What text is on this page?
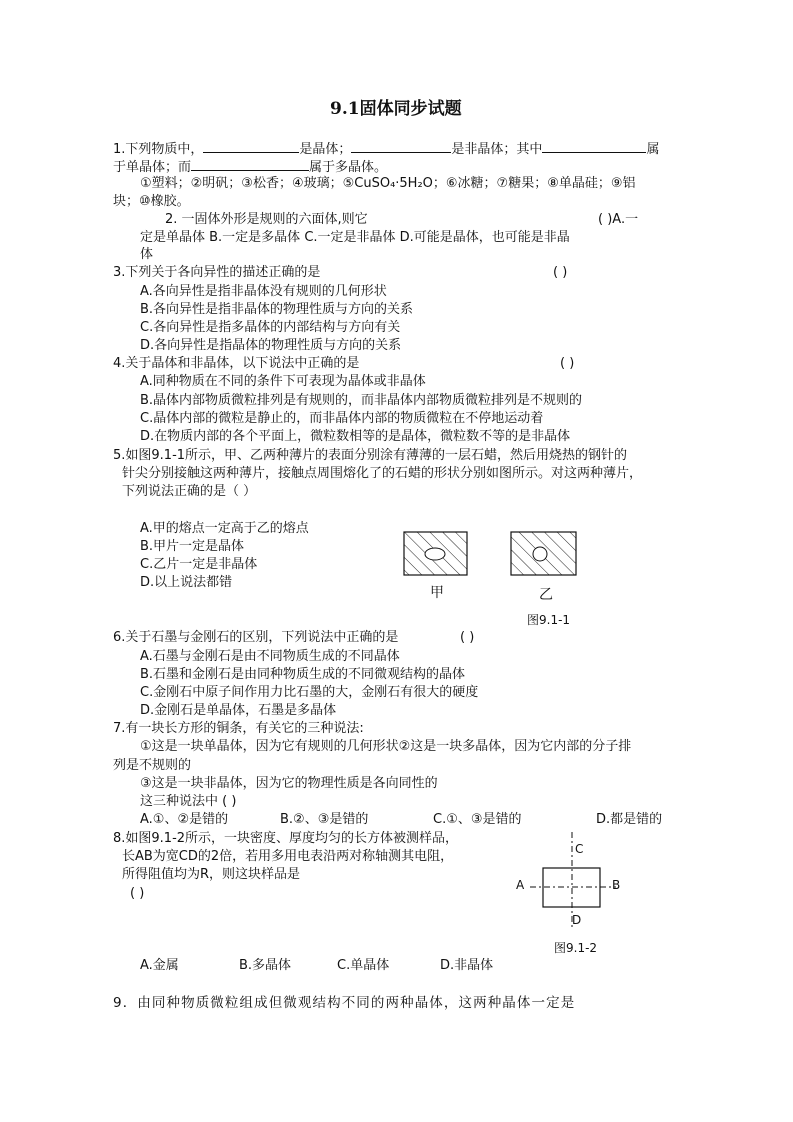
9.1固体同步试题
1.下列物质中，	是晶体；	是非晶体；其中	属
于单晶体；而	属于多晶体。
①塑料；②明矾；③松香；④玻璃；⑤CuSO₄·5H₂O；⑥冰糖；⑦糖果；⑧单晶硅；⑨铝
块；⑩橡胶。
2. 一固体外形是规则的六面体,则它	( )A.一
定是单晶体 B.一定是多晶体 C.一定是非晶体 D.可能是晶体，也可能是非晶
体
3.下列关于各向异性的描述正确的是	( )
A.各向异性是指非晶体没有规则的几何形状
B.各向异性是指非晶体的物理性质与方向的关系
C.各向异性是指多晶体的内部结构与方向有关
D.各向异性是指晶体的物理性质与方向的关系
4.关于晶体和非晶体，以下说法中正确的是	( )
A.同种物质在不同的条件下可表现为晶体或非晶体
B.晶体内部物质微粒排列是有规则的，而非晶体内部物质微粒排列是不规则的
C.晶体内部的微粒是静止的，而非晶体内部的物质微粒在不停地运动着
D.在物质内部的各个平面上，微粒数相等的是晶体，微粒数不等的是非晶体
5.如图9.1-1所示，甲、乙两种薄片的表面分别涂有薄薄的一层石蜡，然后用烧热的钢针的
针尖分别接触这两种薄片，接触点周围熔化了的石蜡的形状分别如图所示。对这两种薄片，
下列说法正确的是（ ）
A.甲的熔点一定高于乙的熔点
B.甲片一定是晶体
C.乙片一定是非晶体
D.以上说法都错
甲	乙
图9.1-1
6.关于石墨与金刚石的区别，下列说法中正确的是	( )
A.石墨与金刚石是由不同物质生成的不同晶体
B.石墨和金刚石是由同种物质生成的不同微观结构的晶体
C.金刚石中原子间作用力比石墨的大，金刚石有很大的硬度
D.金刚石是单晶体，石墨是多晶体
7.有一块长方形的铜条，有关它的三种说法:
①这是一块单晶体，因为它有规则的几何形状②这是一块多晶体，因为它内部的分子排
列是不规则的
③这是一块非晶体，因为它的物理性质是各向同性的
这三种说法中 ( )
A.①、②是错的	B.②、③是错的	C.①、③是错的	D.都是错的
8.如图9.1-2所示，一块密度、厚度均匀的长方体被测样品，
长AB为宽CD的2倍，若用多用电表沿两对称轴测其电阻，
所得阻值均为R，则这块样品是
( )
A	B
C
D
图9.1-2
A.金属	B.多晶体	C.单晶体	D.非晶体
9．由同种物质微粒组成但微观结构不同的两种晶体，这两种晶体一定是
